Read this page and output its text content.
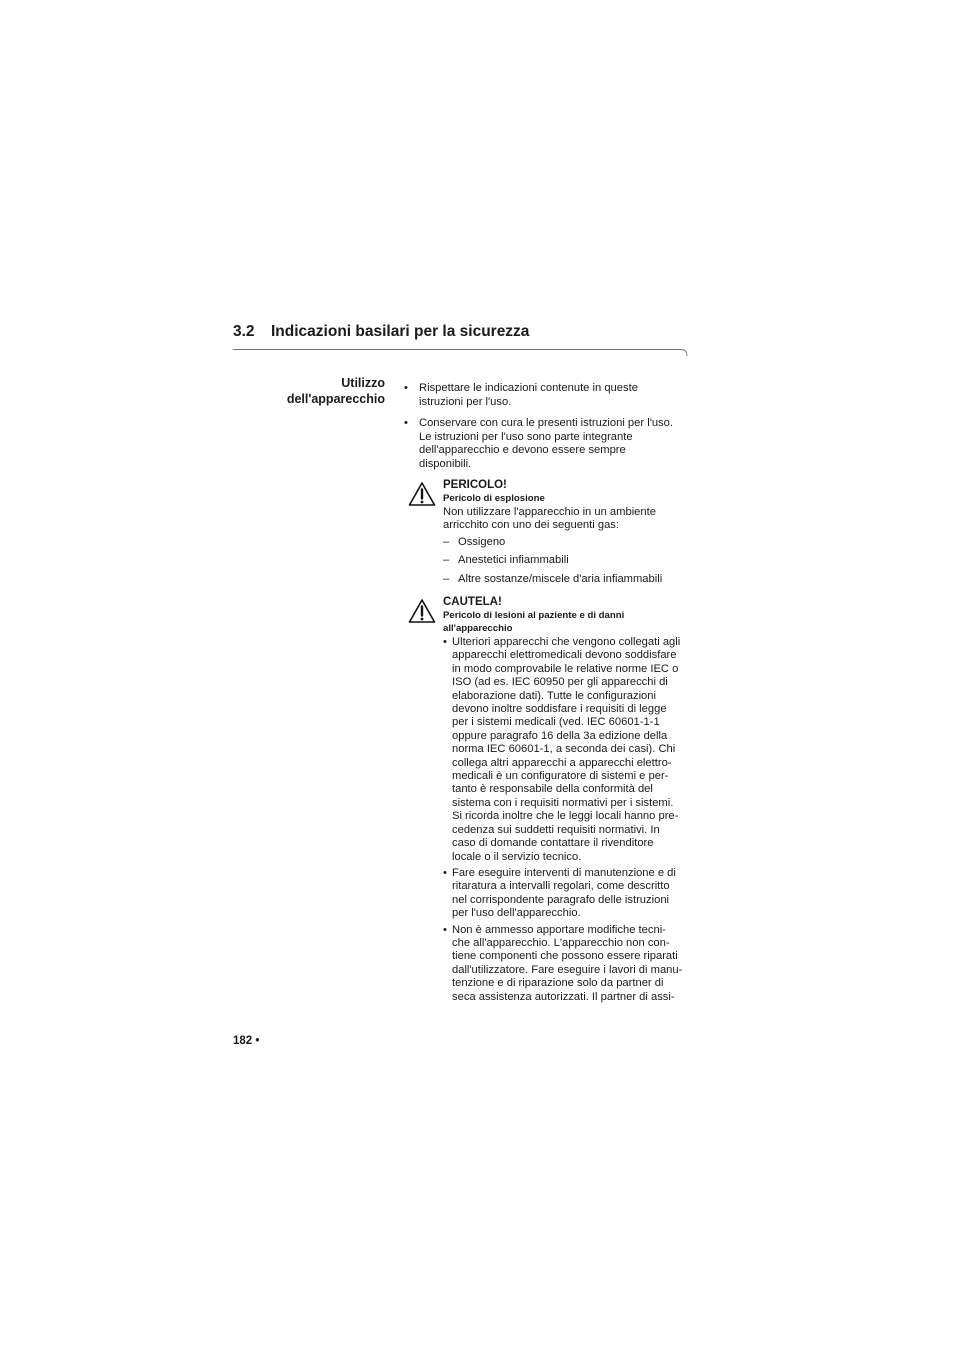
3.2 Indicazioni basilari per la sicurezza
Utilizzo
dell'apparecchio
• Rispettare le indicazioni contenute in queste
istruzioni per l'uso.
• Conservare con cura le presenti istruzioni per l'uso.
Le istruzioni per l'uso sono parte integrante
dell'apparecchio e devono essere sempre
disponibili.
PERICOLO!
Pericolo di esplosione
Non utilizzare l'apparecchio in un ambiente
arricchito con uno dei seguenti gas:
– Ossigeno
– Anestetici infiammabili
– Altre sostanze/miscele d'aria infiammabili
CAUTELA!
Pericolo di lesioni al paziente e di danni
all'apparecchio
• Ulteriori apparecchi che vengono collegati agli
apparecchi elettromedicali devono soddisfare
in modo comprovabile le relative norme IEC o
ISO (ad es. IEC 60950 per gli apparecchi di
elaborazione dati). Tutte le configurazioni
devono inoltre soddisfare i requisiti di legge
per i sistemi medicali (ved. IEC 60601-1-1
oppure paragrafo 16 della 3a edizione della
norma IEC 60601-1, a seconda dei casi). Chi
collega altri apparecchi a apparecchi elettro-
medicali è un configuratore di sistemi e per-
tanto è responsabile della conformità del
sistema con i requisiti normativi per i sistemi.
Si ricorda inoltre che le leggi locali hanno pre-
cedenza sui suddetti requisiti normativi. In
caso di domande contattare il rivenditore
locale o il servizio tecnico.
• Fare eseguire interventi di manutenzione e di
ritaratura a intervalli regolari, come descritto
nel corrispondente paragrafo delle istruzioni
per l'uso dell'apparecchio.
• Non è ammesso apportare modifiche tecni-
che all'apparecchio. L'apparecchio non con-
tiene componenti che possono essere riparati
dall'utilizzatore. Fare eseguire i lavori di manu-
tenzione e di riparazione solo da partner di
seca assistenza autorizzati. Il partner di assi-
182 •
